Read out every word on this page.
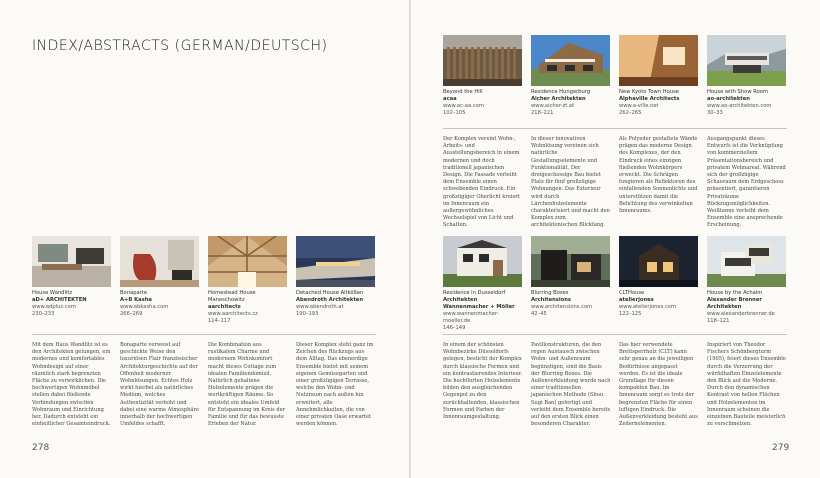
INDEX/ABSTRACTS (GERMAN/DEUTSCH)
Beyond the Hill
acaa
www.ac-aa.com
102–105
Residence Hungerburg
Aicher Architekten
www.aicher-zt.at
218–221
New Kyoto Town House
Alphaville Architects
www.a-ville.net
262–265
House with Show Room
ao-architekten
www.ao-architekten.com
30–33
Der Komplex vereint Wohn-, Arbeits- und Ausstellungsbereich in einem modernen und doch traditionell japanischen Design. Die Fassade verleiht dem Ensemble einen schwebenden Eindruck. Ein großzügiger Oberlicht kreiert im Innenraum ein außergewöhnliches Wechselspiel von Licht und Schatten.
In dieser innovativen Wohnlösung vereinen sich natürliche Gestaltungselemente und Funktionalität. Der dreigeschossige Bau bietet Platz für fünf großzügige Wohnungen. Das Exterieur wird durch Lärchenholzelemente charakterisiert und macht den Komplex zum architektonischen Blickfang.
Als Polyeder gestaltete Wände prägen das moderne Design des Komplexes, der den Eindruck eines einzigen fließenden Wohnkörpers erweckt. Die Schrägen fungieren als Reflektoren des einfallenden Sonnenlichts und unterstützen damit die Belichtung des verwinkelten Innenraums.
Ausgangspunkt dieses Entwurfs ist die Verknüpfung von kommerziellem Präsentationsbereich und privatem Wohnareal. Während sich der großzügige Schauraum dem Erdgeschoss präsentiert, garantieren Privaträume Rückzugsmöglichkeiten. Weißtanne verleiht dem Ensemble eine ansprechende Erscheinung.
House Wandlitz
aD+ ARCHITEKTEN
www.adplus.com
230–233
Bonaparte
A+B Kasha
www.abkasha.com
266–269
Homestead House Maneschowitz
aarchitects
www.aarchitects.cz
114–117
Detached House Altkößen
Abendroth Architekten
www.abendroth.at
190–193
Residence in Dusseldorf
Architekten Wannenmacher + Möller
www.wannenmacher-moeller.de
146–149
Blurring Boxes
Architensions
www.architensions.com
42–45
CLTHouse
atelierjones
www.atelierjones.com
122–125
House by the Achalm
Alexander Brenner Architekten
www.alexanderbrenner.de
118–121
Mit dem Haus Wandlitz ist es den Architekten gelungen, ein modernes und komfortables Wohndesign auf einer räumlich stark begrenzten Fläche zu verwirklichen. Die hochwertigen Wohnmöbel stellen dabei fließende Verbindungen zwischen Wohnraum und Einrichtung her. Dadurch entsteht ein einheitlicher Gesamteindruck.
Bonaparte verweist auf geschickte Weise den luxuriösen Flair französischer Architekturgeschichte auf der Offenheit moderner Wohnlösungen. Echtes Holz wirkt hierbei als natürliches Medium, welches Authentizität verleiht und dabei eine warme Atmosphäre innerhalb der hochwertigen Umfeldes schafft.
Die Kombination aus rustikalem Charme und modernem Wohnkomfort macht dieses Cottage zum idealen Familiendomizil. Natürlich gehaltene Holzelemente prägen die wertkräftigen Räume. So entsteht ein ideales Umfeld für Entspannung im Kreis der Familie und für das bewusste Erleben der Natur.
Dieser Komplex steht ganz im Zeichen des Rückzugs aus dem Alltag. Das ebenerdige Ensemble bietet mit seinem eigenen Gemüsegarten und einer großzügigen Terrasse, welche den Wohn- und Nutzraum nach außen hin erweitert, alle Annehmlichkeiten, die von einer privaten Oase erwartet werden können.
In einem der schönsten Wohnbezirke Düsseldorfs gelegen, besticht der Komplex durch klassische Formen und ein kontrastierendes Interieur. Die hochflorten Holzelemente bilden den ausgleichenden Gegenpol zu den zurückhaltenden, klassischen Formen und Farben der Innenraumgestaltung.
Pavillonstrukturen, die den regen Austausch zwischen Wohn- und Außenraum begünstigen, sind die Basis der Blurring Boxes. Die Außenverkleidung wurde nach einer traditionellen japanischen Methode (Shou Sugi Ban) gefertigt und verleiht dem Ensemble bereits auf den ersten Blick einen besonderen Charakter.
Das hier verwendete Brettsperrholz (CLT) kann sehr genau an die jeweiligen Bedürfnisse angepasst werden. Es ist die ideale Grundlage für diesen kompakten Bau. Im Innenraum sorgt es trotz der begrenzten Fläche für einen luftigen Eindruck. Die Außenverkleidung besteht aus Zedernelementen.
Inspiriert von Theodor Fischers Schönbergturm (1905), feiert dieses Ensemble durch die Verzerrung der würfelhaften Einzelelemente den Blick auf die Moderne. Durch den dynamischen Kontrast von hellen Flächen und Holzelementen im Innenraum scheinen die einzelnen Bauteile meisterlich zu verschmelzen.
278	279
